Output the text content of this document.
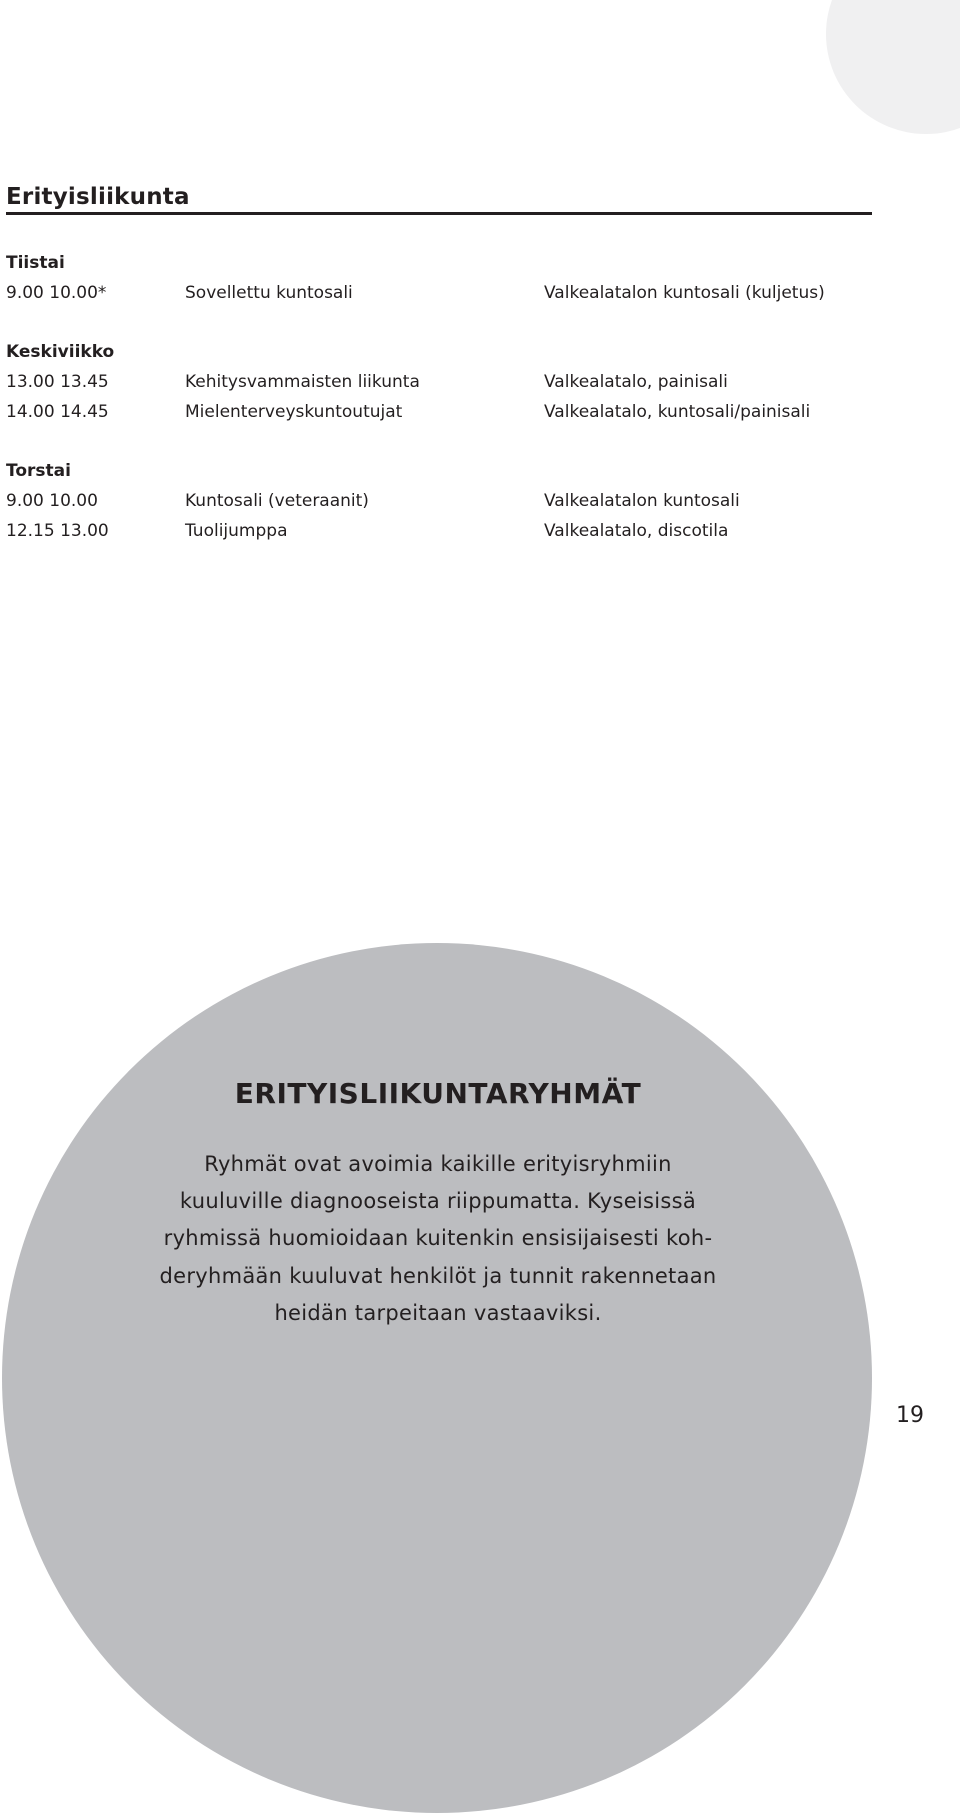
Erityisliikunta
Tiistai
9.00 10.00*	Sovellettu kuntosali	Valkealatalon kuntosali (kuljetus)
Keskiviikko
13.00 13.45	Kehitysvammaisten liikunta	Valkealatalo, painisali
14.00 14.45	Mielenterveyskuntoutujat	Valkealatalo, kuntosali/painisali
Torstai
9.00 10.00	Kuntosali (veteraanit)	Valkealatalon kuntosali
12.15 13.00	Tuolijumppa	Valkealatalo, discotila
ERITYISLIIKUNTARYHMÄT
Ryhmät ovat avoimia kaikille erityisryhmiin
kuuluville diagnooseista riippumatta. Kyseisissä
ryhmissä huomioidaan kuitenkin ensisijaisesti koh-
deryhmään kuuluvat henkilöt ja tunnit rakennetaan
heidän tarpeitaan vastaaviksi.
19
